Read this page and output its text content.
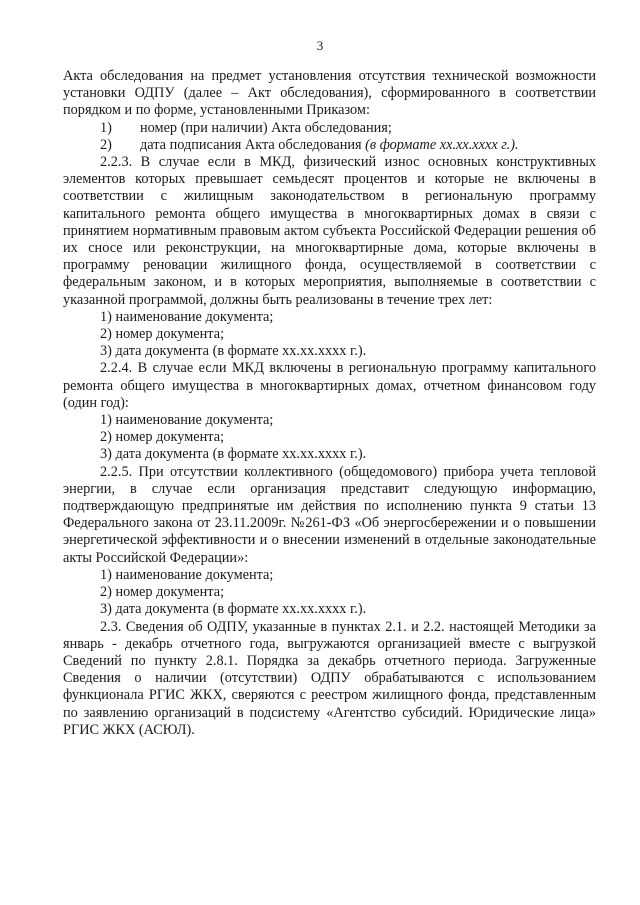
3

Акта обследования на предмет установления отсутствия технической возможности установки ОДПУ (далее – Акт обследования), сформированного в соответствии порядком и по форме, установленными Приказом:

1)	номер (при наличии) Акта обследования;
2)	дата подписания Акта обследования (в формате xx.xx.xxxx г.).

2.2.3. В случае если в МКД, физический износ основных конструктивных элементов которых превышает семьдесят процентов и которые не включены в соответствии с жилищным законодательством в региональную программу капитального ремонта общего имущества в многоквартирных домах в связи с принятием нормативным правовым актом субъекта Российской Федерации решения об их сносе или реконструкции, на многоквартирные дома, которые включены в программу реновации жилищного фонда, осуществляемой в соответствии с федеральным законом, и в которых мероприятия, выполняемые в соответствии с указанной программой, должны быть реализованы в течение трех лет:

1) наименование документа;

2) номер документа;

3) дата документа (в формате xx.xx.xxxx г.).

2.2.4. В случае если МКД включены в региональную программу капитального ремонта общего имущества в многоквартирных домах, отчетном финансовом году (один год):

1) наименование документа;

2) номер документа;

3) дата документа (в формате xx.xx.xxxx г.).

2.2.5. При отсутствии коллективного (общедомового) прибора учета тепловой энергии, в случае если организация представит следующую информацию, подтверждающую предпринятые им действия по исполнению пункта 9 статьи 13 Федерального закона от 23.11.2009г. №261-ФЗ «Об энергосбережении и о повышении энергетической эффективности и о внесении изменений в отдельные законодательные акты Российской Федерации»:

1) наименование документа;

2) номер документа;

3) дата документа (в формате xx.xx.xxxx г.).

2.3. Сведения об ОДПУ, указанные в пунктах 2.1. и 2.2. настоящей Методики за январь - декабрь отчетного года, выгружаются организацией вместе с выгрузкой Сведений по пункту 2.8.1. Порядка за декабрь отчетного периода. Загруженные Сведения о наличии (отсутствии) ОДПУ обрабатываются с использованием функционала РГИС ЖКХ, сверяются с реестром жилищного фонда, представленным по заявлению организаций в подсистему «Агентство субсидий. Юридические лица» РГИС ЖКХ (АСЮЛ).
